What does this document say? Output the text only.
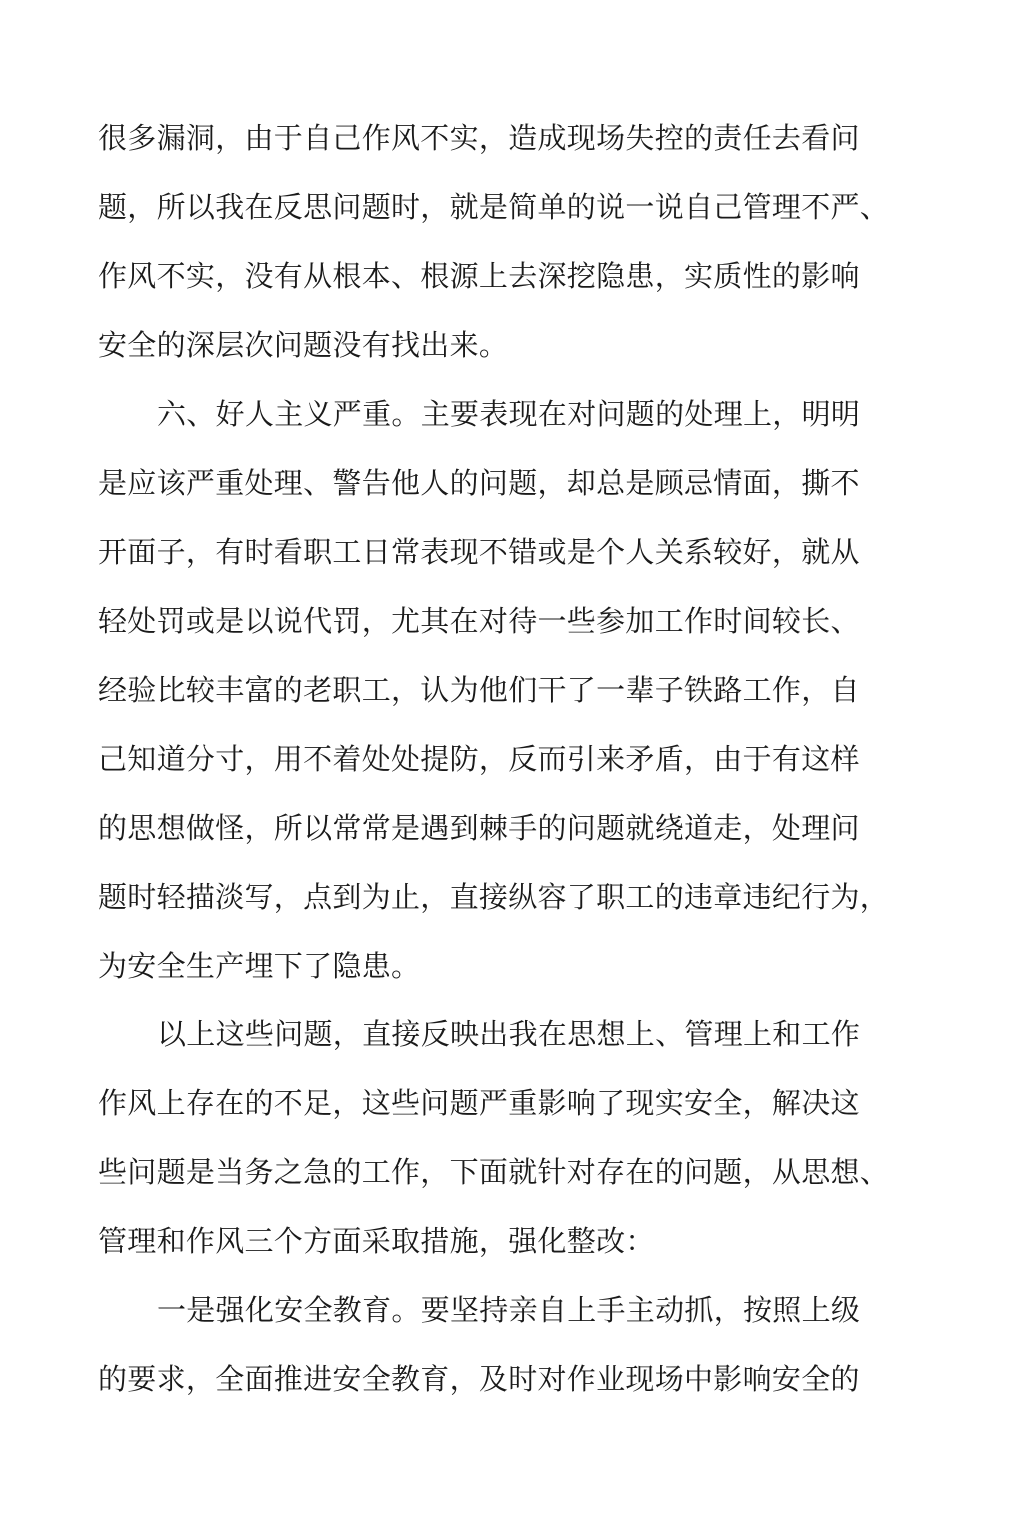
很多漏洞，由于自己作风不实，造成现场失控的责任去看问

题，所以我在反思问题时，就是简单的说一说自己管理不严、

作风不实，没有从根本、根源上去深挖隐患，实质性的影响

安全的深层次问题没有找出来。

六、好人主义严重。主要表现在对问题的处理上，明明

是应该严重处理、警告他人的问题，却总是顾忌情面，撕不

开面子，有时看职工日常表现不错或是个人关系较好，就从

轻处罚或是以说代罚，尤其在对待一些参加工作时间较长、

经验比较丰富的老职工，认为他们干了一辈子铁路工作，自

己知道分寸，用不着处处提防，反而引来矛盾，由于有这样

的思想做怪，所以常常是遇到棘手的问题就绕道走，处理问

题时轻描淡写，点到为止，直接纵容了职工的违章违纪行为，

为安全生产埋下了隐患。

以上这些问题，直接反映出我在思想上、管理上和工作

作风上存在的不足，这些问题严重影响了现实安全，解决这

些问题是当务之急的工作，下面就针对存在的问题，从思想、

管理和作风三个方面采取措施，强化整改：

一是强化安全教育。要坚持亲自上手主动抓，按照上级

的要求，全面推进安全教育，及时对作业现场中影响安全的
